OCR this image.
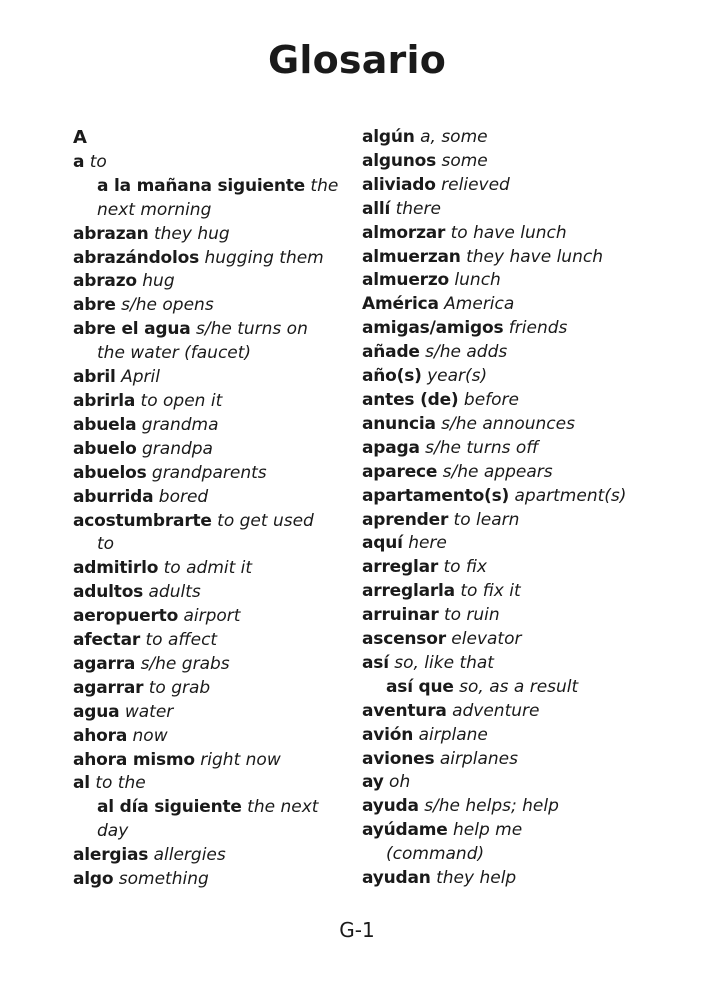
Glosario
A
a to
a la mañana siguiente the
next morning
abrazan they hug
abrazándolos hugging them
abrazo hug
abre s/he opens
abre el agua s/he turns on
the water (faucet)
abril April
abrirla to open it
abuela grandma
abuelo grandpa
abuelos grandparents
aburrida bored
acostumbrarte to get used
to
admitirlo to admit it
adultos adults
aeropuerto airport
afectar to affect
agarra s/he grabs
agarrar to grab
agua water
ahora now
ahora mismo right now
al to the
al día siguiente the next
day
alergias allergies
algo something
algún a, some
algunos some
aliviado relieved
allí there
almorzar to have lunch
almuerzan they have lunch
almuerzo lunch
América America
amigas/amigos friends
añade s/he adds
año(s) year(s)
antes (de) before
anuncia s/he announces
apaga s/he turns off
aparece s/he appears
apartamento(s) apartment(s)
aprender to learn
aquí here
arreglar to fix
arreglarla to fix it
arruinar to ruin
ascensor elevator
así so, like that
así que so, as a result
aventura adventure
avión airplane
aviones airplanes
ay oh
ayuda s/he helps; help
ayúdame help me
(command)
ayudan they help
G-1
